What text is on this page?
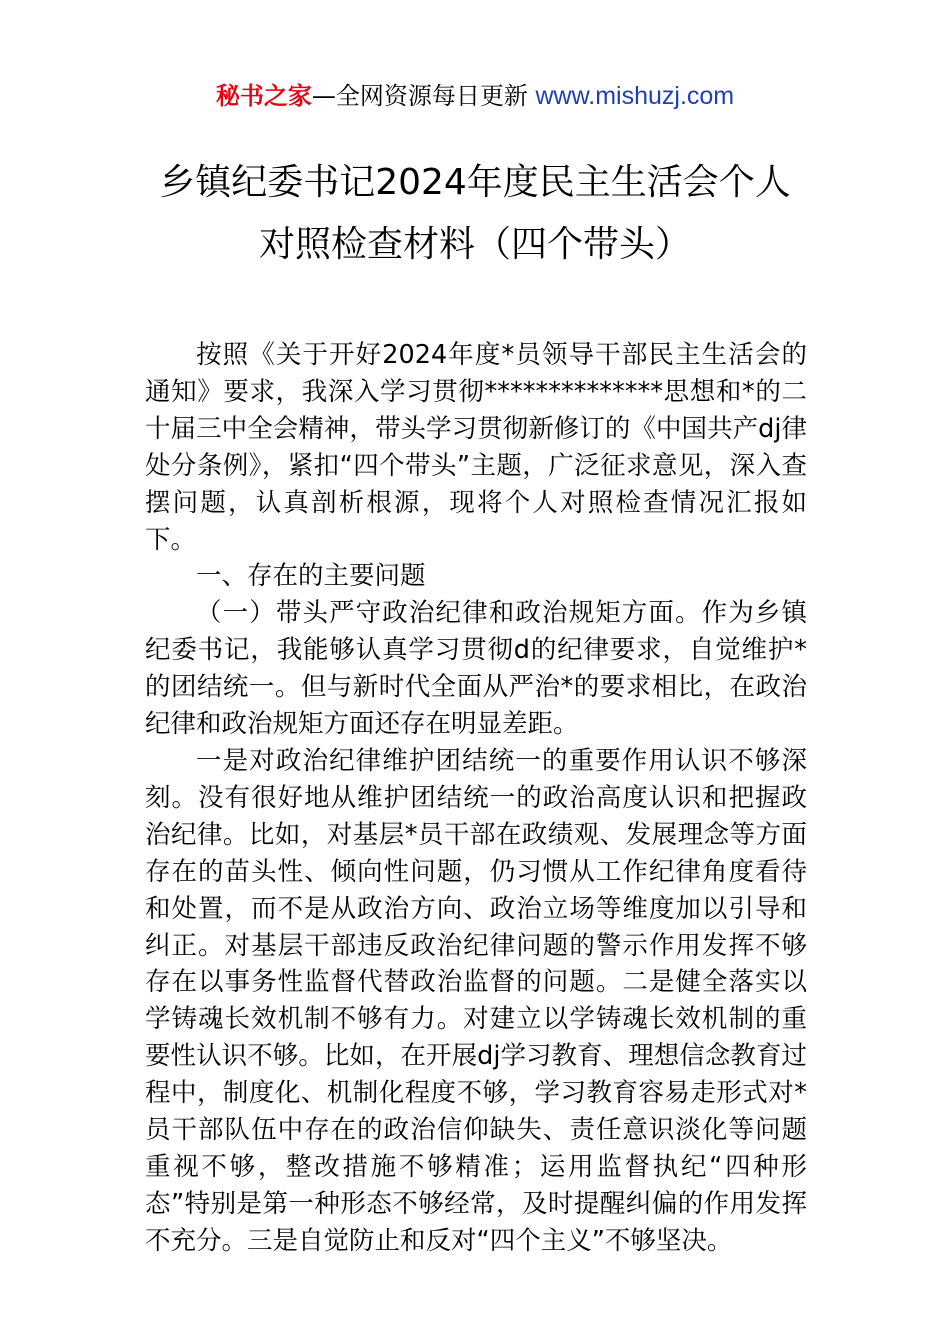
秘书之家—全网资源每日更新 www.mishuzj.com
乡镇纪委书记2024年度民主生活会个人
对照检查材料（四个带头）

按照《关于开好2024年度*员领导干部民主生活会的通知》要求，我深入学习贯彻**************思想和*的二十届三中全会精神，带头学习贯彻新修订的《中国共产dj律处分条例》，紧扣“四个带头”主题，广泛征求意见，深入查摆问题，认真剖析根源，现将个人对照检查情况汇报如下。

一、存在的主要问题

（一）带头严守政治纪律和政治规矩方面。作为乡镇纪委书记，我能够认真学习贯彻d的纪律要求，自觉维护*的团结统一。但与新时代全面从严治*的要求相比，在政治纪律和政治规矩方面还存在明显差距。

一是对政治纪律维护团结统一的重要作用认识不够深刻。没有很好地从维护团结统一的政治高度认识和把握政治纪律。比如，对基层*员干部在政绩观、发展理念等方面存在的苗头性、倾向性问题，仍习惯从工作纪律角度看待和处置，而不是从政治方向、政治立场等维度加以引导和纠正。对基层干部违反政治纪律问题的警示作用发挥不够存在以事务性监督代替政治监督的问题。二是健全落实以学铸魂长效机制不够有力。对建立以学铸魂长效机制的重要性认识不够。比如，在开展dj学习教育、理想信念教育过程中，制度化、机制化程度不够，学习教育容易走形式对*员干部队伍中存在的政治信仰缺失、责任意识淡化等问题重视不够，整改措施不够精准；运用监督执纪“四种形态”特别是第一种形态不够经常，及时提醒纠偏的作用发挥不充分。三是自觉防止和反对“四个主义”不够坚决。
